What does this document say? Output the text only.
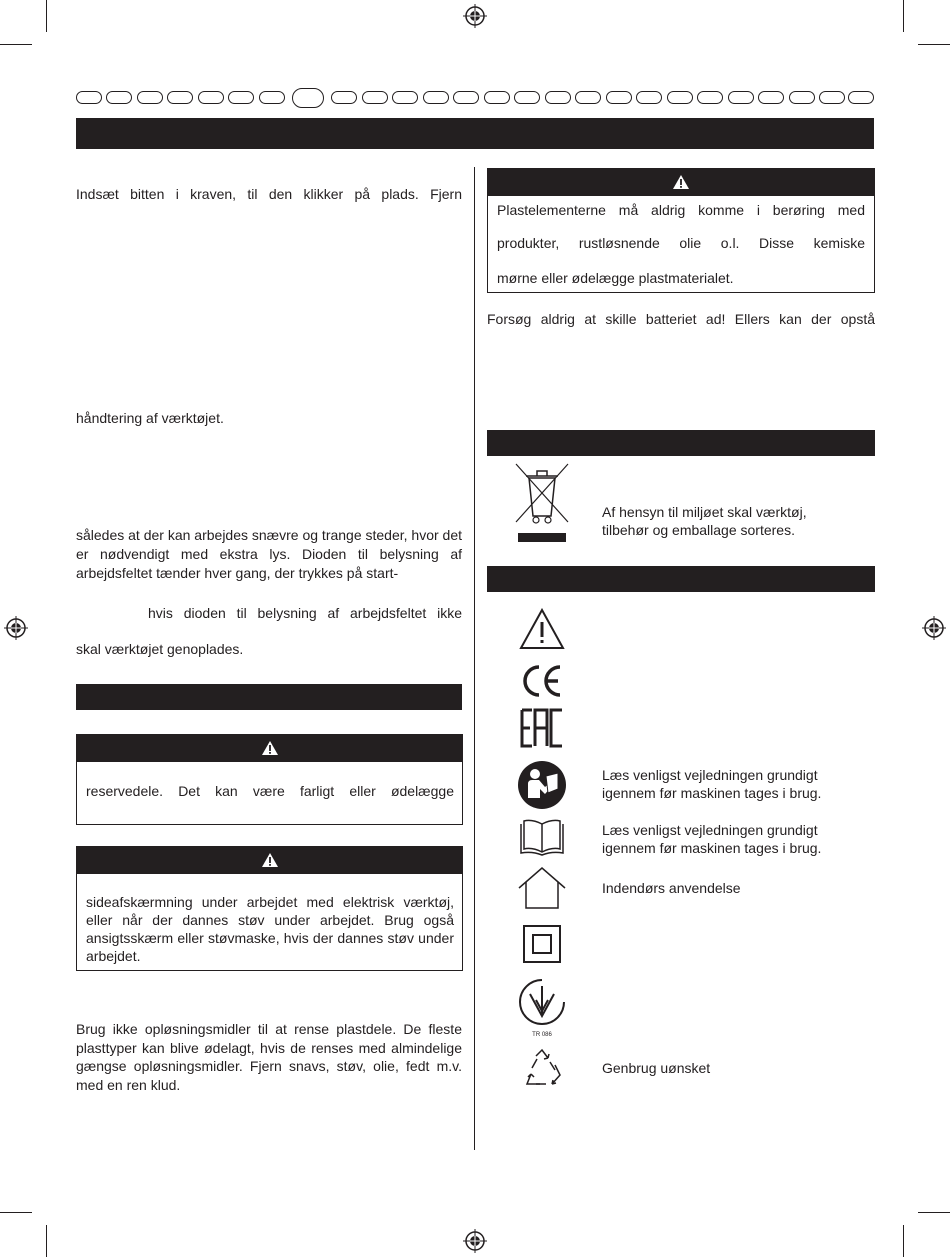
Indsæt bitten i kraven, til den klikker på plads. Fjern
håndtering af værktøjet.
således at der kan arbejdes snævre og trange steder, hvor det er nødvendigt med ekstra lys. Dioden til belysning af arbejdsfeltet tænder hver gang, der trykkes på start-
hvis dioden til belysning af arbejdsfeltet ikke
skal værktøjet genoplades.
reservedele. Det kan være farligt eller ødelægge
sideafskærmning under arbejdet med elektrisk værktøj, eller når der dannes støv under arbejdet. Brug også ansigtsskærm eller støvmaske, hvis der dannes støv under arbejdet.
Brug ikke opløsningsmidler til at rense plastdele. De fleste plasttyper kan blive ødelagt, hvis de renses med almindelige gængse opløsningsmidler. Fjern snavs, støv, olie, fedt m.v. med en ren klud.
Plastelementerne må aldrig komme i berøring med
produkter, rustløsnende olie o.l. Disse kemiske
mørne eller ødelægge plastmaterialet.
Forsøg aldrig at skille batteriet ad! Ellers kan der opstå
Af hensyn til miljøet skal værktøj, tilbehør og emballage sorteres.
Læs venligst vejledningen grundigt igennem før maskinen tages i brug.
Læs venligst vejledningen grundigt igennem før maskinen tages i brug.
Indendørs anvendelse
TR 086
Genbrug uønsket
